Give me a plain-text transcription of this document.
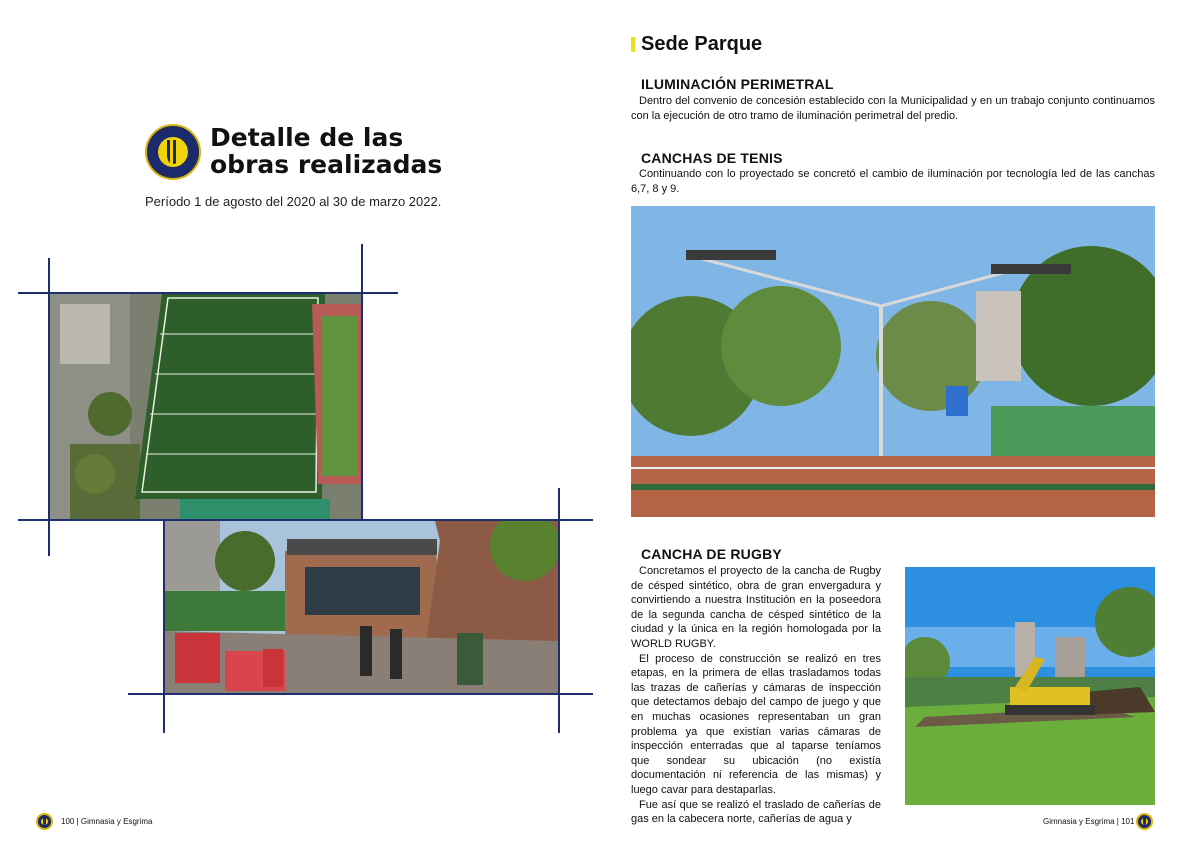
Detalle de las
obras realizadas
Período 1 de agosto del 2020 al 30 de marzo 2022.
100 | Gimnasia y Esgrima
Sede Parque
ILUMINACIÓN PERIMETRAL

Dentro del convenio de concesión establecido con la Municipalidad y en un trabajo conjunto continuamos con la ejecución de otro tramo de iluminación perimetral del predio.

CANCHAS DE TENIS

Continuando con lo proyectado se concretó el cambio de iluminación por tecnología led de las canchas 6,7, 8 y 9.

CANCHA DE RUGBY

Concretamos el proyecto de la cancha de Rugby de césped sintético, obra de gran envergadura y convirtiendo a nuestra Institución en la poseedora de la segunda cancha de césped sintético de la ciudad y la única en la región homologada por la WORLD RUGBY.

El proceso de construcción se realizó en tres etapas, en la primera de ellas trasladamos todas las trazas de cañerías y cámaras de inspección que detectamos debajo del campo de juego y que en muchas ocasiones representaban un gran problema ya que existían varias cámaras de inspección enterradas que al taparse teníamos que sondear su ubicación (no existía documentación ni referencia de las mismas) y luego cavar para destaparlas.

Fue así que se realizó el traslado de cañerías de gas en la cabecera norte, cañerías de agua y	Gimnasia y Esgrima | 101
